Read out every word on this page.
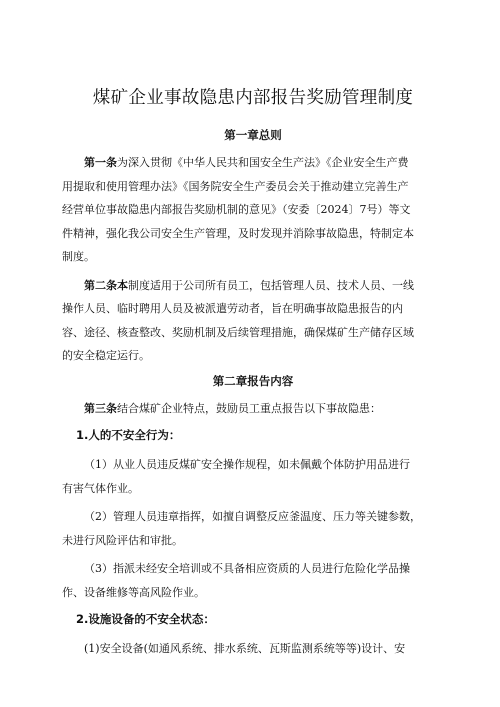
煤矿企业事故隐患内部报告奖励管理制度
第一章总则
第一条为深入贯彻《中华人民共和国安全生产法》《企业安全生产费
用提取和使用管理办法》《国务院安全生产委员会关于推动建立完善生产
经营单位事故隐患内部报告奖励机制的意见》（安委〔2024〕7号）等文
件精神，强化我公司安全生产管理，及时发现并消除事故隐患，特制定本
制度。
第二条本制度适用于公司所有员工，包括管理人员、技术人员、一线
操作人员、临时聘用人员及被派遣劳动者，旨在明确事故隐患报告的内
容、途径、核查整改、奖励机制及后续管理措施，确保煤矿生产储存区域
的安全稳定运行。
第二章报告内容
第三条结合煤矿企业特点，鼓励员工重点报告以下事故隐患：
1.人的不安全行为：
（1）从业人员违反煤矿安全操作规程，如未佩戴个体防护用品进行
有害气体作业。
（2）管理人员违章指挥，如擅自调整反应釜温度、压力等关键参数，
未进行风险评估和审批。
（3）指派未经安全培训或不具备相应资质的人员进行危险化学品操
作、设备维修等高风险作业。
2.设施设备的不安全状态：
(1)安全设备(如通风系统、排水系统、瓦斯监测系统等等)设计、安
